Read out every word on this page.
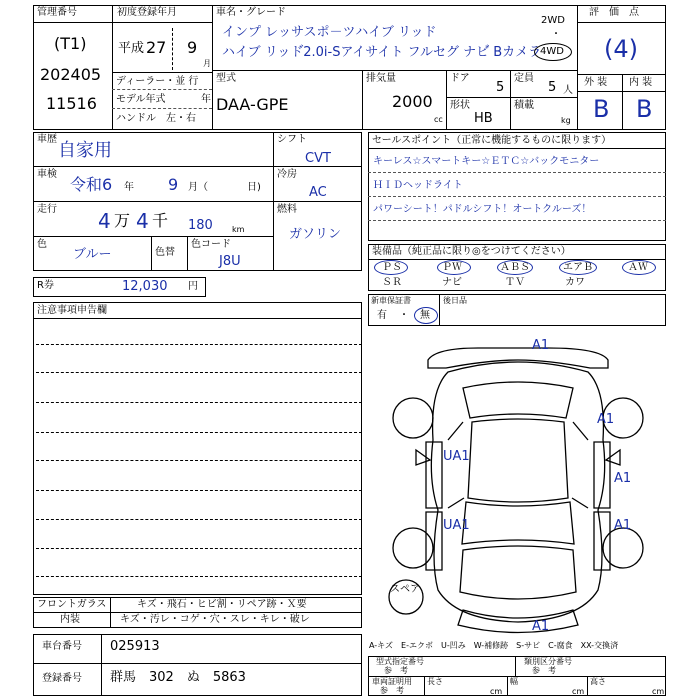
管理番号
(T1)
202405
11516
初度登録年月
平成 27 9
月
ディーラー・並 行
モデル年式	年
ハンドル　左・右
車名・グレード
インプ レッサスポ－ツハイブ リッド
ハイブ リッド゙2.0i-Sアイサイト フルセグ ナビ゙ Bカメラ
2WD
・
4WD
型式
DAA-GPE
排気量
2000
cc
ドア
5
定員
5 人
形状
HB
積載
kg
評　価　点
(4)
外 装 内 装
B B
車歴
自家用
車検
令和6 年 9 月（	日)
走行 4 万 4 千 180 km
色
ブルー	色替
色コード
J8U
シフト
CVT
冷房
AC
燃料
ガソリン
R券	12,030 円
注意事項申告欄
セールスポイント（正常に機能するものに限ります）
キーレス☆スマートキー☆ＥＴＣ☆バックモニター
ＨＩＤヘッドライト
パワーシート！パドルシフト！オートクルーズ！
装備品（純正品に限り◎をつけてください）
ＰＳ	ＰＷ	ＡＢＳ	エアＢ	ＡＷ
ＳＲ	ナビ	ＴＶ	カワ
新車保証書
有 ・ 無
後日品
A1
A1
UA1
A1
UA1	A1
A1
スペア
A-キズ　E-エクボ　U-凹み　W-補修跡　S-サビ　C-腐食　XX-交換済
フロントガラス	キズ・飛石・ヒビ割・リペア跡・Ｘ要
内装	キズ・汚レ・コゲ・穴・スレ・キレ・破レ
車台番号 025913
登録番号 群馬　302　ぬ　5863
型式指定番号
参　考
類別区分番号
参　考
車両証明用
参　考
長さ
cm
幅
cm
高さ
cm
